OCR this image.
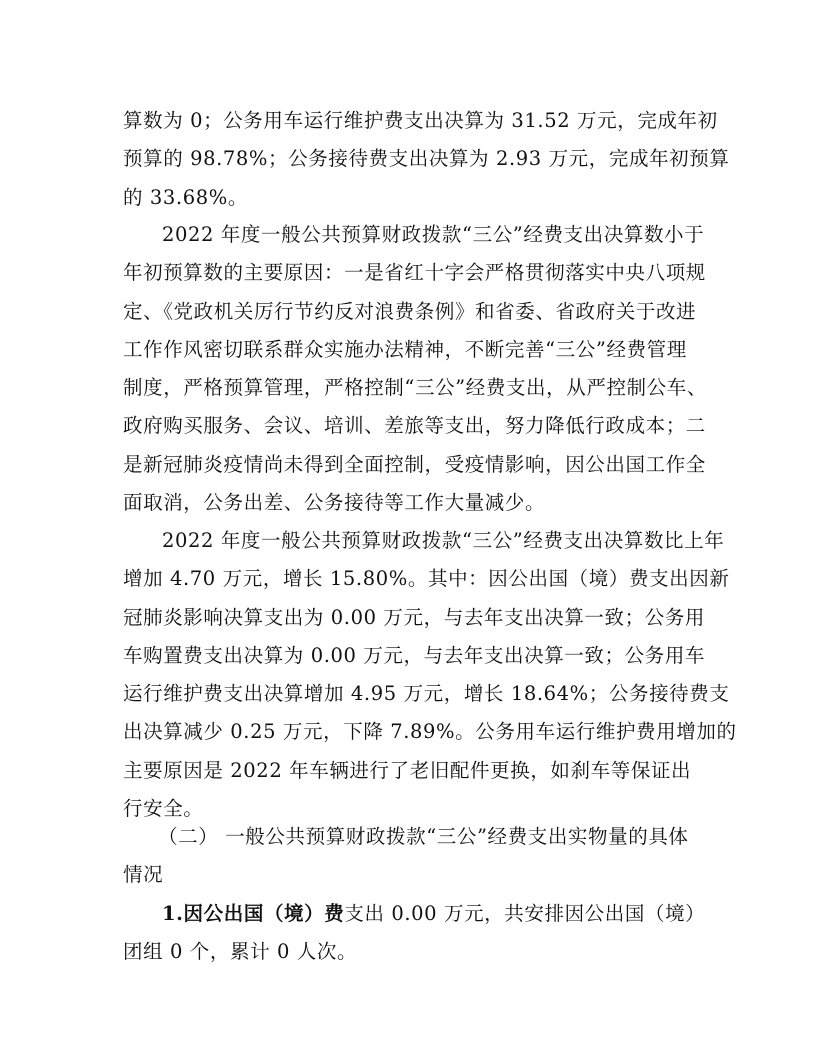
算数为 0；公务用车运行维护费支出决算为 31.52 万元，完成年初
预算的 98.78%；公务接待费支出决算为 2.93 万元，完成年初预算
的 33.68%。

2022 年度一般公共预算财政拨款“三公”经费支出决算数小于
年初预算数的主要原因：一是省红十字会严格贯彻落实中央八项规
定、《党政机关厉行节约反对浪费条例》和省委、省政府关于改进
工作作风密切联系群众实施办法精神，不断完善“三公”经费管理
制度，严格预算管理，严格控制“三公”经费支出，从严控制公车、
政府购买服务、会议、培训、差旅等支出，努力降低行政成本；二
是新冠肺炎疫情尚未得到全面控制，受疫情影响，因公出国工作全
面取消，公务出差、公务接待等工作大量减少。

2022 年度一般公共预算财政拨款“三公”经费支出决算数比上年
增加 4.70 万元，增长 15.80%。其中：因公出国（境）费支出因新
冠肺炎影响决算支出为 0.00 万元，与去年支出决算一致；公务用
车购置费支出决算为 0.00 万元，与去年支出决算一致；公务用车
运行维护费支出决算增加 4.95 万元，增长 18.64%；公务接待费支
出决算减少 0.25 万元，下降 7.89%。公务用车运行维护费用增加的
主要原因是 2022 年车辆进行了老旧配件更换，如刹车等保证出
行安全。

（二） 一般公共预算财政拨款“三公”经费支出实物量的具体
情况

1.因公出国（境）费支出 0.00 万元，共安排因公出国（境）
团组 0 个，累计 0 人次。
